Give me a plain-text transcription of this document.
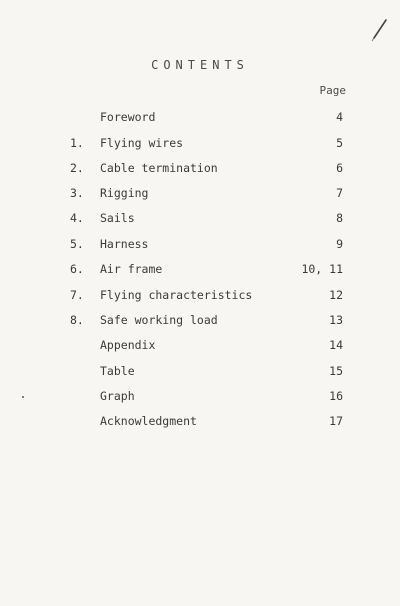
CONTENTS
Page
Foreword	4
1.	Flying wires	5
2.	Cable termination	6
3.	Rigging	7
4.	Sails	8
5.	Harness	9
6.	Air frame	10, 11
7.	Flying characteristics	12
8.	Safe working load	13
Appendix	14
Table	15
Graph	16
Acknowledgment	17
